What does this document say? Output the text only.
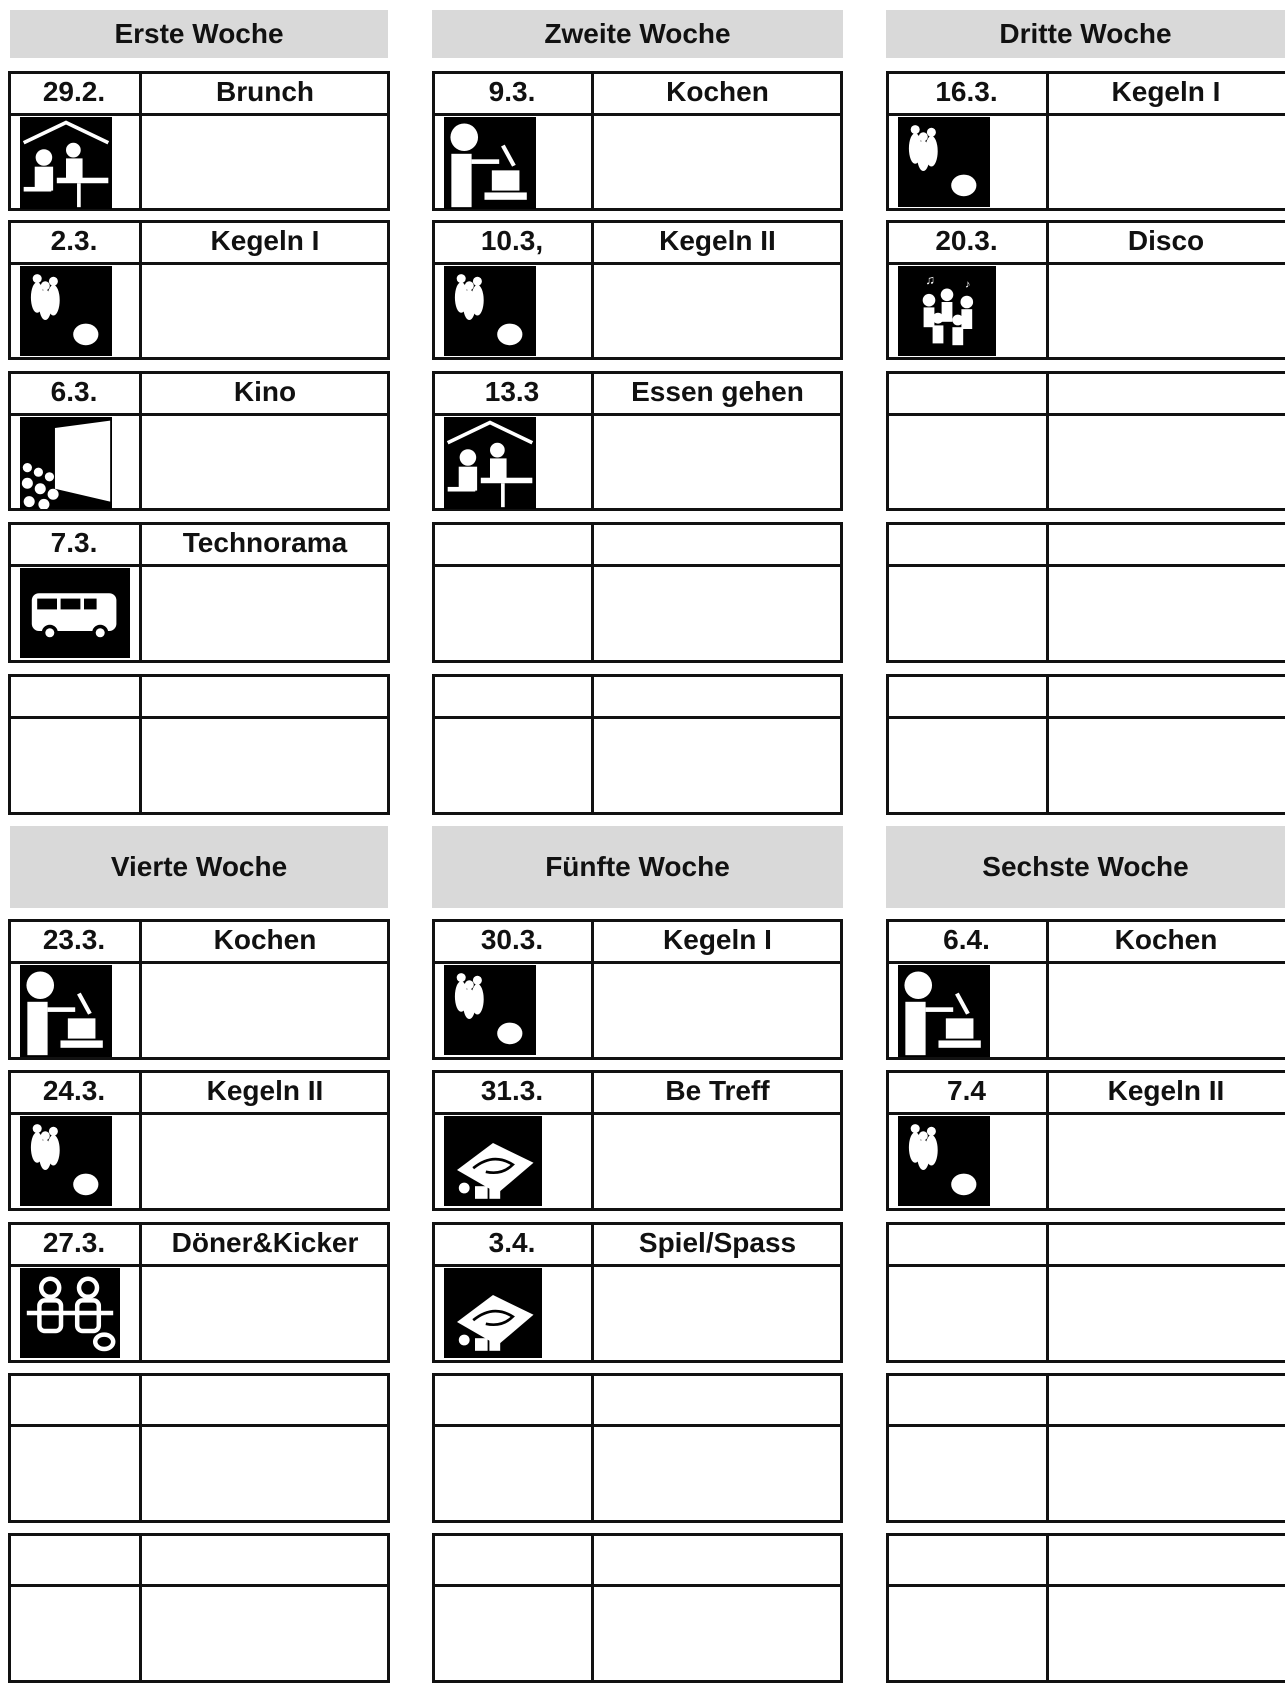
Erste Woche
29.2.	Brunch
2.3.	Kegeln I
6.3.	Kino
7.3.	Technorama
Zweite Woche
9.3.	Kochen
10.3,	Kegeln II
13.3	Essen gehen
Dritte Woche
16.3.	Kegeln I
20.3.	Disco
♫	♪
Vierte Woche
23.3.	Kochen
24.3.	Kegeln II
27.3.	Döner&Kicker
Fünfte Woche
30.3.	Kegeln I
31.3.	Be Treff
3.4.	Spiel/Spass
Sechste Woche
6.4.	Kochen
7.4	Kegeln II
